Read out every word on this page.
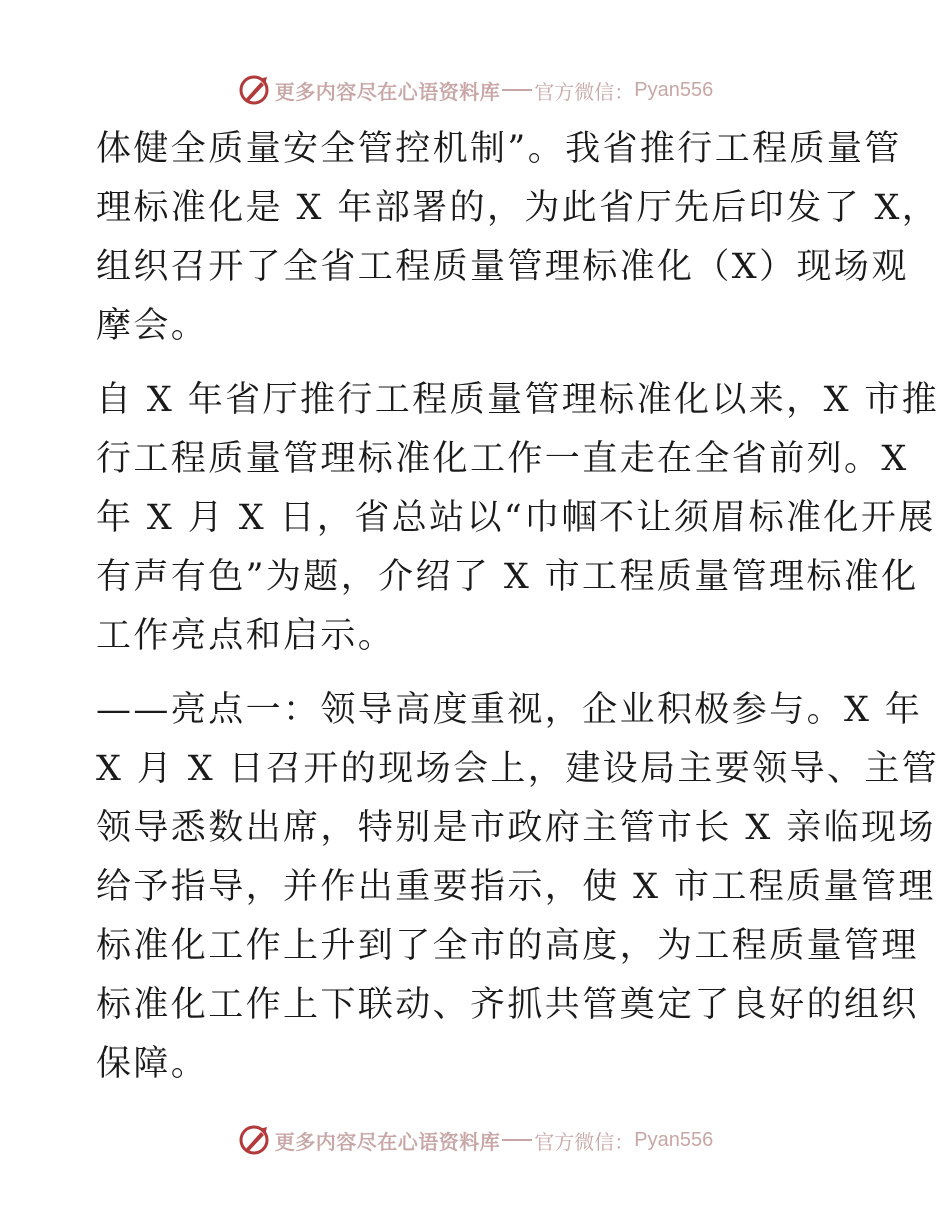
更多内容尽在心语资料库 官方微信： Pyan556

体健全质量安全管控机制”。我省推行工程质量管
理标准化是 X 年部署的，为此省厅先后印发了 X，
组织召开了全省工程质量管理标准化（X）现场观
摩会。

自 X 年省厅推行工程质量管理标准化以来，X 市推
行工程质量管理标准化工作一直走在全省前列。X
年 X 月 X 日，省总站以“巾帼不让须眉标准化开展
有声有色”为题，介绍了 X 市工程质量管理标准化
工作亮点和启示。

——亮点一：领导高度重视，企业积极参与。X 年
X 月 X 日召开的现场会上，建设局主要领导、主管
领导悉数出席，特别是市政府主管市长 X 亲临现场
给予指导，并作出重要指示，使 X 市工程质量管理
标准化工作上升到了全市的高度，为工程质量管理
标准化工作上下联动、齐抓共管奠定了良好的组织
保障。

更多内容尽在心语资料库 官方微信： Pyan556
